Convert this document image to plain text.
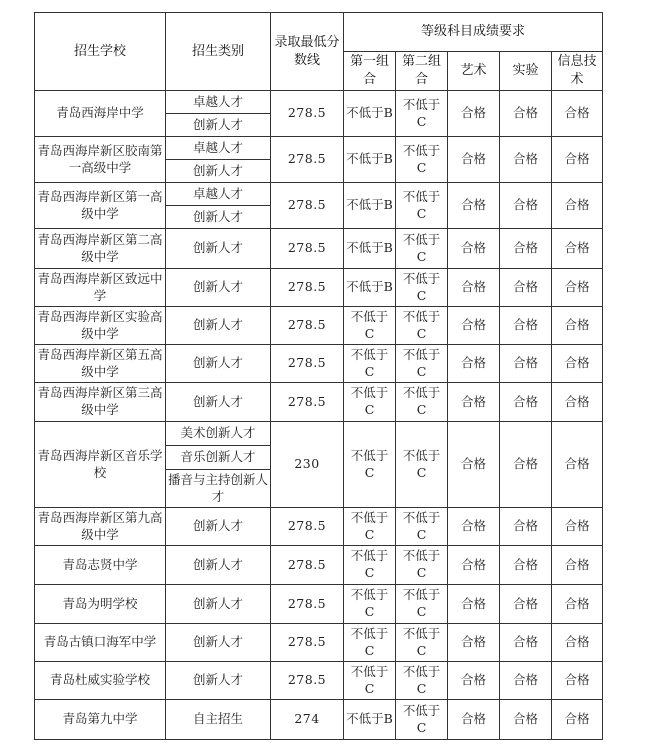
招生学校	招生类别	录取最低分数线	等级科目成绩要求				
			第一组合	第二组合	艺术	实验	信息技术
青岛西海岸中学	卓越人才	278.5	不低于B	不低于C	合格	合格	合格
	创新人才						
青岛西海岸新区胶南第一高级中学	卓越人才	278.5	不低于B	不低于C	合格	合格	合格
	创新人才						
青岛西海岸新区第一高级中学	卓越人才	278.5	不低于B	不低于C	合格	合格	合格
	创新人才						
青岛西海岸新区第二高级中学	创新人才	278.5	不低于B	不低于C	合格	合格	合格
青岛西海岸新区致远中学	创新人才	278.5	不低于B	不低于C	合格	合格	合格
青岛西海岸新区实验高级中学	创新人才	278.5	不低于C	不低于C	合格	合格	合格
青岛西海岸新区第五高级中学	创新人才	278.5	不低于C	不低于C	合格	合格	合格
青岛西海岸新区第三高级中学	创新人才	278.5	不低于C	不低于C	合格	合格	合格
青岛西海岸新区音乐学校	美术创新人才	230	不低于C	不低于C	合格	合格	合格
	音乐创新人才						
	播音与主持创新人才						
青岛西海岸新区第九高级中学	创新人才	278.5	不低于C	不低于C	合格	合格	合格
青岛志贤中学	创新人才	278.5	不低于C	不低于C	合格	合格	合格
青岛为明学校	创新人才	278.5	不低于C	不低于C	合格	合格	合格
青岛古镇口海军中学	创新人才	278.5	不低于C	不低于C	合格	合格	合格
青岛杜威实验学校	创新人才	278.5	不低于C	不低于C	合格	合格	合格
青岛第九中学	自主招生	274	不低于B	不低于C	合格	合格	合格
